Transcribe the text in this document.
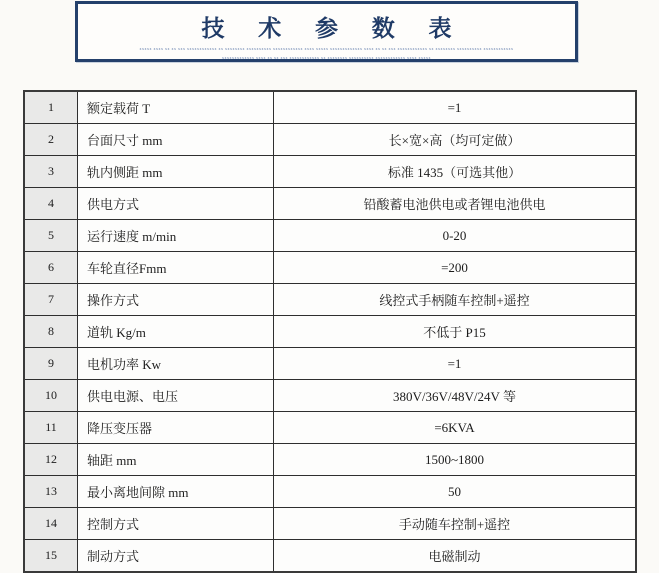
技 术 参 数 表
xxxxx xxxx xx xx xxx xxxxxxxxxxxx xx xxxxxxxx xxxxxxxxxx xxxxxxxxxxxx xxxx xxxxx xxxxxxxxxxxxx xxxx xx xx xxx xxxxxxxxxxxx xx xxxxxxxx xxxxxxxxxx xxxxxxxxxxxx
xxxxxxxxxxxxx xxxx xx xx xxx xxxxxxxxxxxx xx xxxxxxxx xxxxxxxxxx xxxxxxxxxxxx xxxx xxxxx
1	额定载荷 T	=1
2	台面尺寸 mm	长×宽×高（均可定做）
3	轨内侧距 mm	标准 1435（可选其他）
4	供电方式	铅酸蓄电池供电或者锂电池供电
5	运行速度 m/min	0-20
6	车轮直径Fmm	=200
7	操作方式	线控式手柄随车控制+遥控
8	道轨 Kg/m	不低于 P15
9	电机功率 Kw	=1
10	供电电源、电压	380V/36V/48V/24V 等
11	降压变压器	=6KVA
12	轴距 mm	1500~1800
13	最小离地间隙 mm	50
14	控制方式	手动随车控制+遥控
15	制动方式	电磁制动
